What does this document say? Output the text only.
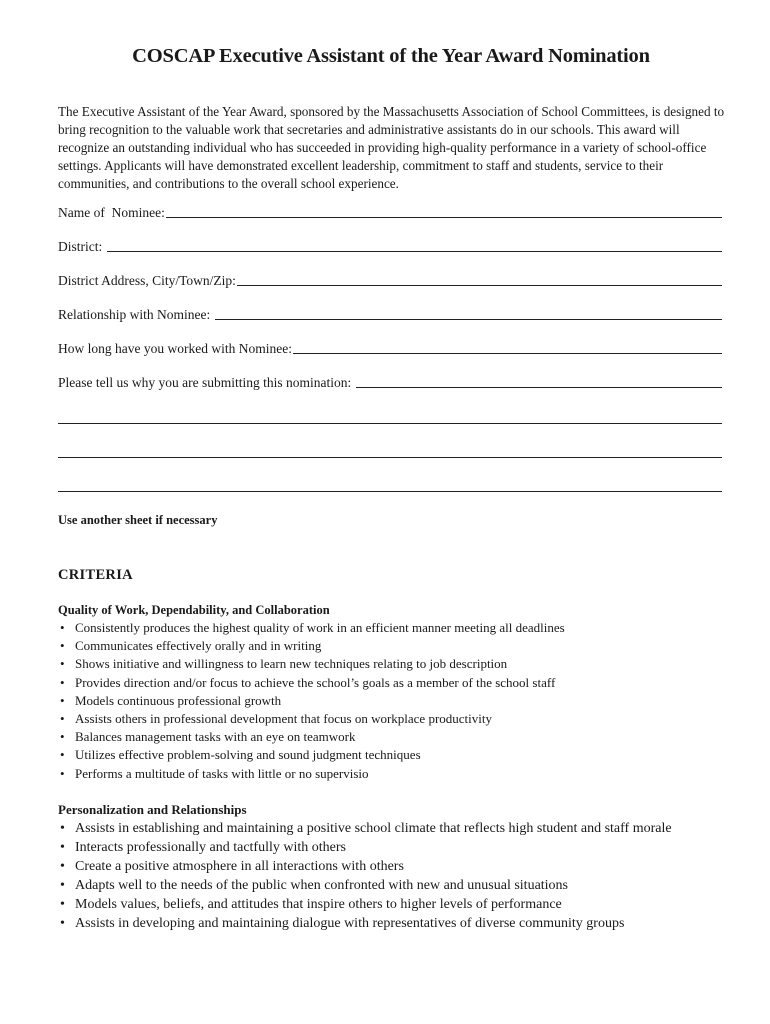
COSCAP Executive Assistant of the Year Award Nomination

The Executive Assistant of the Year Award, sponsored by the Massachusetts Association of School Committees, is designed to bring recognition to the valuable work that secretaries and administrative assistants do in our schools. This award will recognize an outstanding individual who has succeeded in providing high-quality performance in a variety of school-office settings. Applicants will have demonstrated excellent leadership, commitment to staff and students, service to their communities, and contributions to the overall school experience.

Name of  Nominee:
District:
District Address, City/Town/Zip:
Relationship with Nominee:
How long have you worked with Nominee:
Please tell us why you are submitting this nomination:
Use another sheet if necessary
CRITERIA
Quality of Work, Dependability, and Collaboration
• Consistently produces the highest quality of work in an efficient manner meeting all deadlines
• Communicates effectively orally and in writing
• Shows initiative and willingness to learn new techniques relating to job description
• Provides direction and/or focus to achieve the school’s goals as a member of the school staff
• Models continuous professional growth
• Assists others in professional development that focus on workplace productivity
• Balances management tasks with an eye on teamwork
• Utilizes effective problem-solving and sound judgment techniques
• Performs a multitude of tasks with little or no supervisio
Personalization and Relationships
• Assists in establishing and maintaining a positive school climate that reflects high student and staff morale
• Interacts professionally and tactfully with others
• Create a positive atmosphere in all interactions with others
• Adapts well to the needs of the public when confronted with new and unusual situations
• Models values, beliefs, and attitudes that inspire others to higher levels of performance
• Assists in developing and maintaining dialogue with representatives of diverse community groups
